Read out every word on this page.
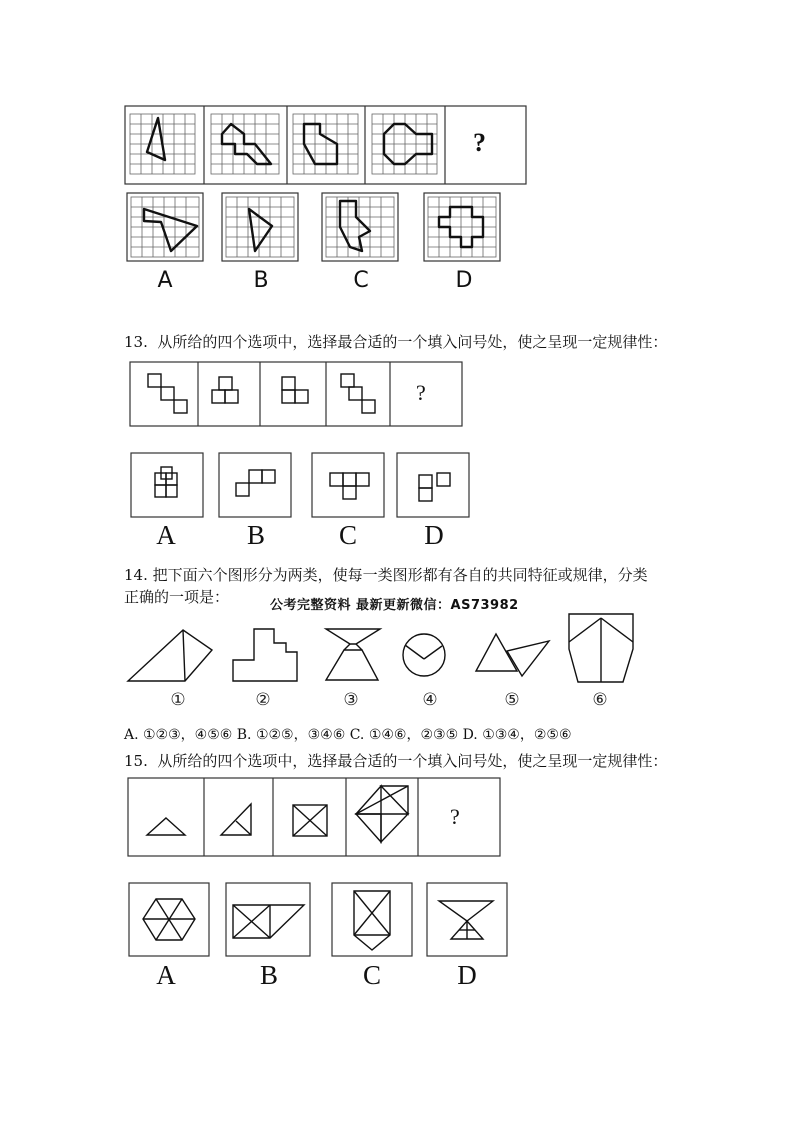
?
A	B	C	D
13. 从所给的四个选项中，选择最合适的一个填入问号处，使之呈现一定规律性：
?
A	B	C	D
14. 把下面六个图形分为两类，使每一类图形都有各自的共同特征或规律，分类
正确的一项是：	公考完整资料 最新更新微信：AS73982
①	②	③	④	⑤	⑥
A. ①②③，④⑤⑥ B. ①②⑤，③④⑥ C. ①④⑥，②③⑤ D. ①③④，②⑤⑥
15. 从所给的四个选项中，选择最合适的一个填入问号处，使之呈现一定规律性：
?
A	B	C	D
